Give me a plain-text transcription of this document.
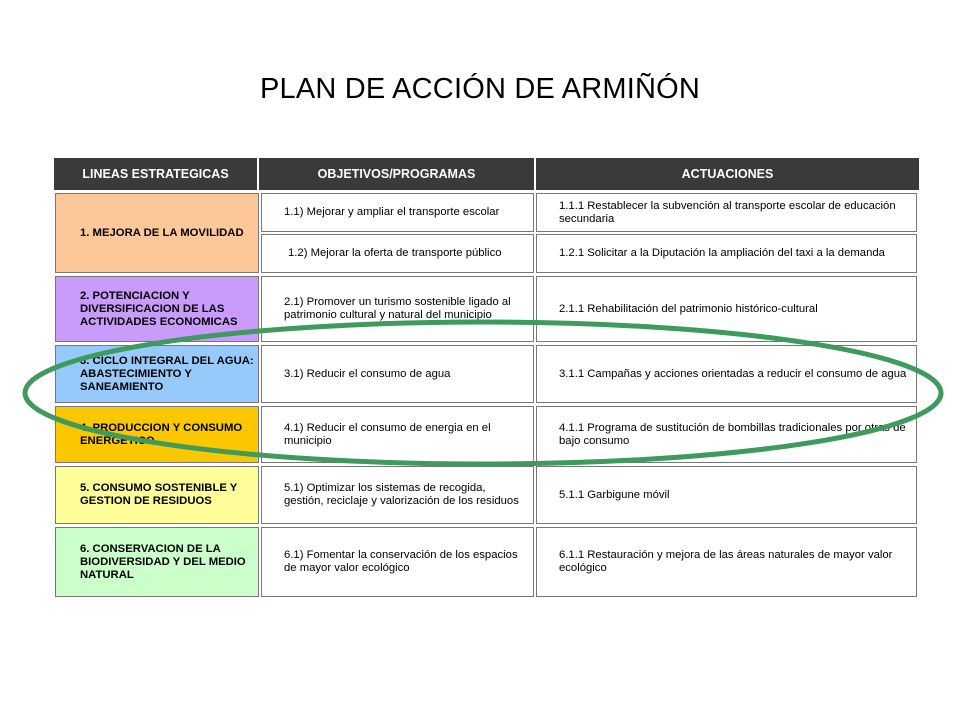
PLAN DE ACCIÓN DE ARMIÑÓN
LINEAS ESTRATEGICAS	OBJETIVOS/PROGRAMAS	ACTUACIONES
1. MEJORA DE LA MOVILIDAD
2. POTENCIACION Y DIVERSIFICACION DE LAS ACTIVIDADES ECONOMICAS
3. CICLO INTEGRAL DEL AGUA: ABASTECIMIENTO Y SANEAMIENTO
4. PRODUCCION Y CONSUMO ENERGETICO
5. CONSUMO SOSTENIBLE Y GESTION DE RESIDUOS
6. CONSERVACION DE LA BIODIVERSIDAD Y DEL MEDIO NATURAL
1.1) Mejorar y ampliar el transporte escolar
1.2) Mejorar la oferta de transporte público
2.1) Promover un turismo sostenible ligado al patrimonio cultural y natural del municipio
3.1) Reducir el consumo de agua
4.1) Reducir el consumo de energia en el municipio
5.1) Optimizar los sistemas de recogida, gestión, reciclaje y valorización de los residuos
6.1) Fomentar la conservación de los espacios de mayor valor ecológico
1.1.1 Restablecer la subvención al transporte escolar de educación secundaria
1.2.1 Solicitar a la Diputación la ampliación del taxi a la demanda
2.1.1 Rehabilitación del patrimonio histórico-cultural
3.1.1 Campañas y acciones orientadas a reducir el consumo de agua
4.1.1 Programa de sustitución de bombillas tradicionales por otras de bajo consumo
5.1.1 Garbigune móvil
6.1.1 Restauración y mejora de las áreas naturales de mayor valor ecológico
